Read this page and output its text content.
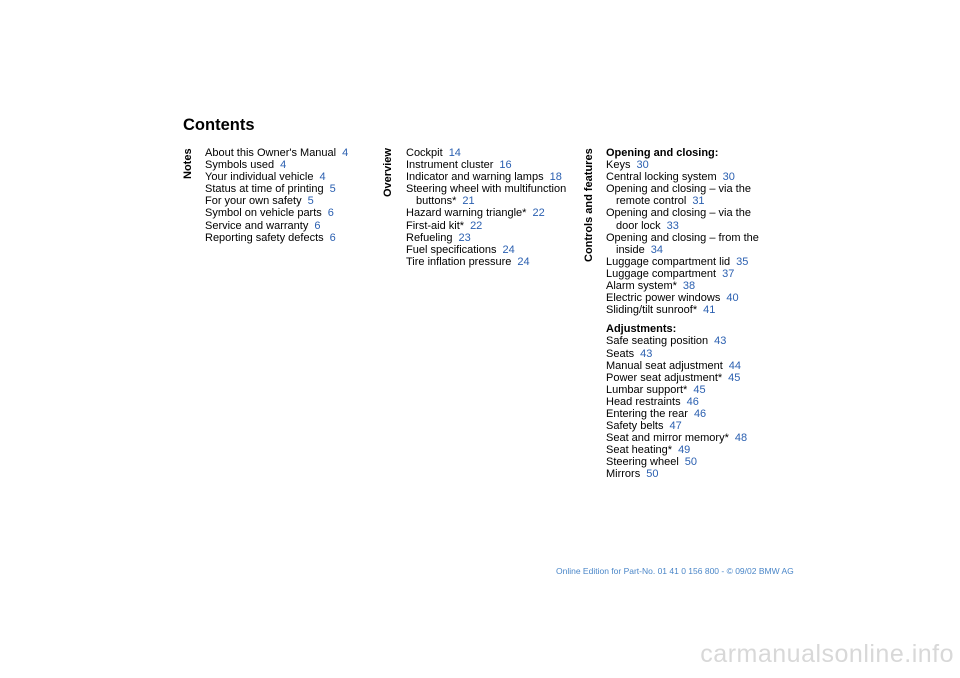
Contents
Notes	Overview	Controls and features
About this Owner's Manual 4
Symbols used 4
Your individual vehicle 4
Status at time of printing 5
For your own safety 5
Symbol on vehicle parts 6
Service and warranty 6
Reporting safety defects 6
Cockpit 14
Instrument cluster 16
Indicator and warning lamps 18
Steering wheel with multifunction
buttons* 21
Hazard warning triangle* 22
First-aid kit* 22
Refueling 23
Fuel specifications 24
Tire inflation pressure 24
Opening and closing:
Keys 30
Central locking system 30
Opening and closing – via the
remote control 31
Opening and closing – via the
door lock 33
Opening and closing – from the
inside 34
Luggage compartment lid 35
Luggage compartment 37
Alarm system* 38
Electric power windows 40
Sliding/tilt sunroof* 41
Adjustments:
Safe seating position 43
Seats 43
Manual seat adjustment 44
Power seat adjustment* 45
Lumbar support* 45
Head restraints 46
Entering the rear 46
Safety belts 47
Seat and mirror memory* 48
Seat heating* 49
Steering wheel 50
Mirrors 50
Online Edition for Part-No. 01 41 0 156 800 - © 09/02 BMW AG
carmanualsonline.info
